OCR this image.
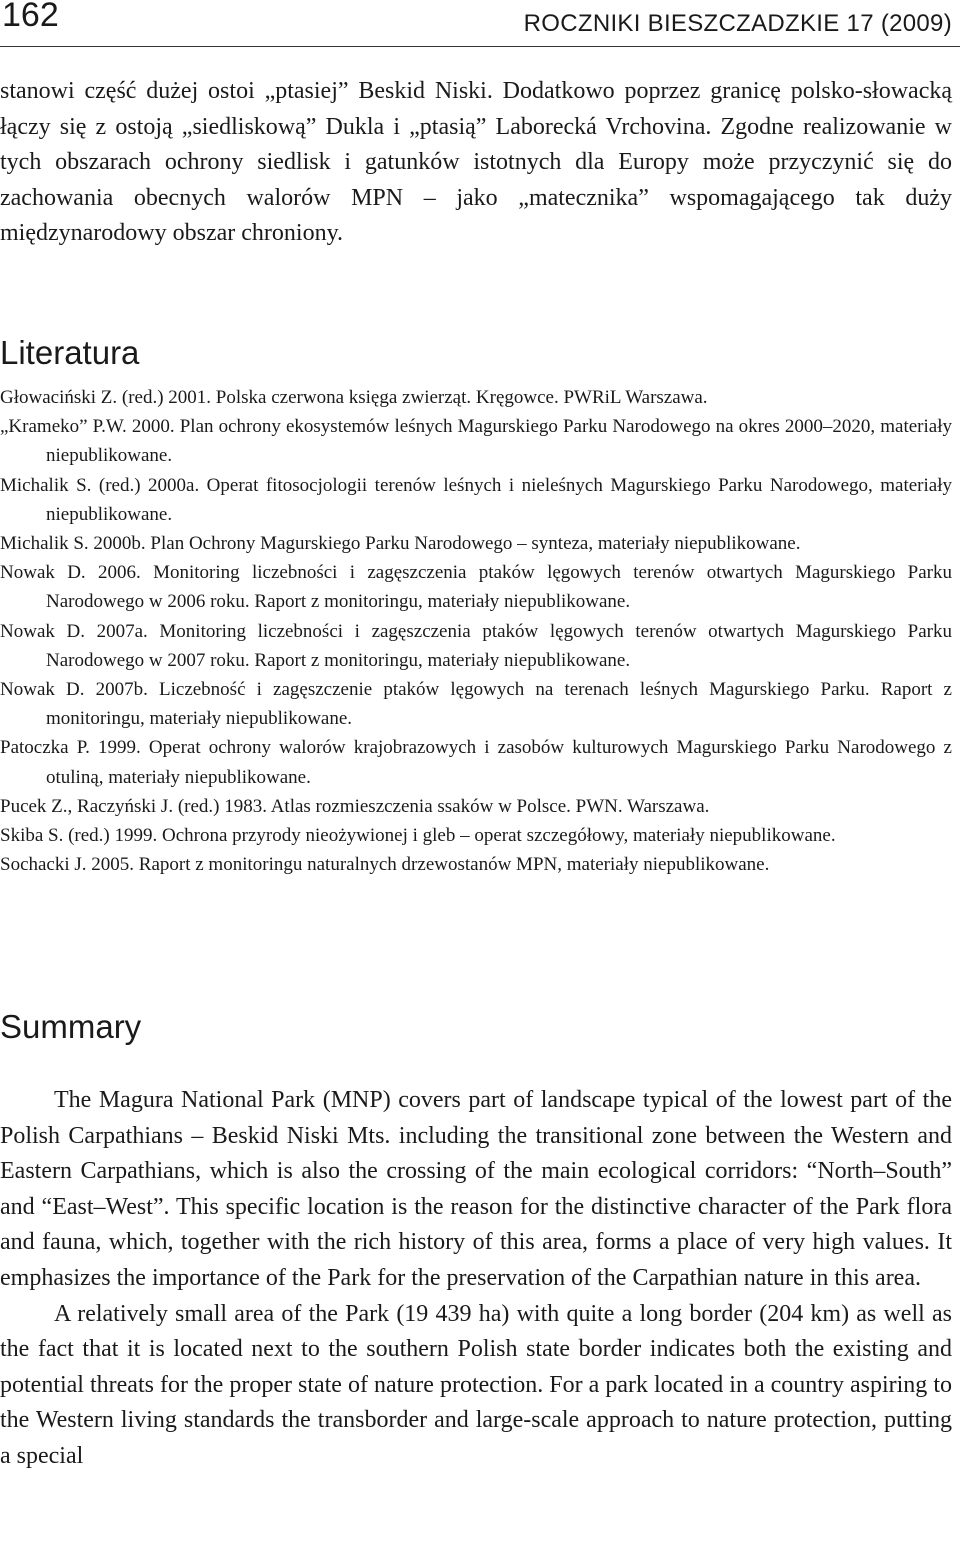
162	ROCZNIKI BIESZCZADZKIE 17 (2009)

stanowi część dużej ostoi „ptasiej” Beskid Niski. Dodatkowo poprzez granicę polsko-słowacką łączy się z ostoją „siedliskową” Dukla i „ptasią” Laborecká Vrchovina. Zgodne realizowanie w tych obszarach ochrony siedlisk i gatunków istotnych dla Europy może przyczynić się do zachowania obecnych walorów MPN – jako „matecznika” wspomagającego tak duży międzynarodowy obszar chroniony.

Literatura
Głowaciński Z. (red.) 2001. Polska czerwona księga zwierząt. Kręgowce. PWRiL Warszawa.
„Krameko” P.W. 2000. Plan ochrony ekosystemów leśnych Magurskiego Parku Narodowego na okres 2000–2020, materiały niepublikowane.
Michalik S. (red.) 2000a. Operat fitosocjologii terenów leśnych i nieleśnych Magurskiego Parku Narodowego, materiały niepublikowane.
Michalik S. 2000b. Plan Ochrony Magurskiego Parku Narodowego – synteza, materiały niepublikowane.
Nowak D. 2006. Monitoring liczebności i zagęszczenia ptaków lęgowych terenów otwartych Magurskiego Parku Narodowego w 2006 roku. Raport z monitoringu, materiały niepublikowane.
Nowak D. 2007a. Monitoring liczebności i zagęszczenia ptaków lęgowych terenów otwartych Magurskiego Parku Narodowego w 2007 roku. Raport z monitoringu, materiały niepublikowane.
Nowak D. 2007b. Liczebność i zagęszczenie ptaków lęgowych na terenach leśnych Magurskiego Parku. Raport z monitoringu, materiały niepublikowane.
Patoczka P. 1999. Operat ochrony walorów krajobrazowych i zasobów kulturowych Magurskiego Parku Narodowego z otuliną, materiały niepublikowane.
Pucek Z., Raczyński J. (red.) 1983. Atlas rozmieszczenia ssaków w Polsce. PWN. Warszawa.
Skiba S. (red.) 1999. Ochrona przyrody nieożywionej i gleb – operat szczegółowy, materiały niepublikowane.
Sochacki J. 2005. Raport z monitoringu naturalnych drzewostanów MPN, materiały niepublikowane.
Summary

The Magura National Park (MNP) covers part of landscape typical of the lowest part of the Polish Carpathians – Beskid Niski Mts. including the transitional zone between the Western and Eastern Carpathians, which is also the crossing of the main ecological corridors: “North–South” and “East–West”. This specific location is the reason for the distinctive character of the Park flora and fauna, which, together with the rich history of this area, forms a place of very high values. It emphasizes the importance of the Park for the preservation of the Carpathian nature in this area.

A relatively small area of the Park (19 439 ha) with quite a long border (204 km) as well as the fact that it is located next to the southern Polish state border indicates both the existing and potential threats for the proper state of nature protection. For a park located in a country aspiring to the Western living standards the transborder and large-scale approach to nature protection, putting a special
